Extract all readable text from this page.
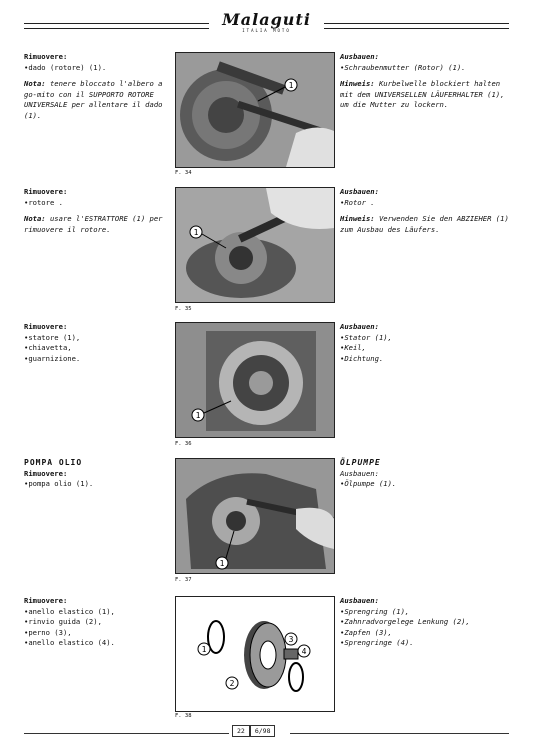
Malaguti
ITALIA MOTO
Rimuovere:
•dado (rotore) (1).

Nota: tenere bloccato l'albero a go-mito con il SUPPORTO ROTORE UNIVERSALE per allentare il dado (1).

1
F. 34
Ausbauen:
•Schraubenmutter (Rotor) (1).

Hinweis: Kurbelwelle blockiert halten mit dem UNIVERSELLEN LÄUFERHALTER (1), um die Mutter zu lockern.

Rimuovere:
•rotore .

Nota: usare l'ESTRATTORE (1) per rimuovere il rotore.	1
F. 35
Ausbauen:
•Rotor .

Hinweis: Verwenden Sie den ABZIEHER (1) zum Ausbau des Läufers.

Rimuovere:
•statore (1),
•chiavetta,
•guarnizione.
1
F. 36
Ausbauen:
•Stator (1),
•Keil,
•Dichtung.
POMPA OLIO
Rimuovere:
•pompa olio (1).
1
F. 37
ÖLPUMPE
Ausbauen:
•Ölpumpe (1).
Rimuovere:
•anello elastico (1),
•rinvio guida (2),
•perno (3),
•anello elastico (4).
1
2
3
4
F. 38
Ausbauen:
•Sprengring (1),
•Zahnradvorgelege Lenkung (2),
•Zapfen (3),
•Sprengringe (4).
22	6/98
